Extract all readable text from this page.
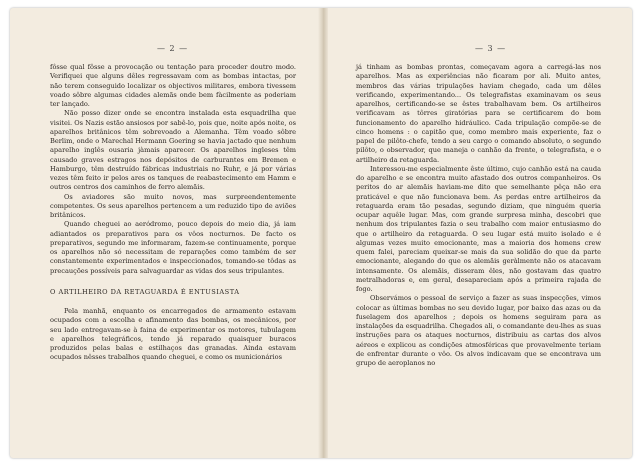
— 2 —

fôsse qual fôsse a provocação ou tentação para proceder doutro modo. Verifiquei que alguns dêles regressavam com as bombas intactas, por não terem conseguido localizar os objectivos militares, embora tivessem voado sôbre algumas cidades alemãs onde bem fàcilmente as poderiam ter lançado.

Não posso dizer onde se encontra instalada esta esquadrilha que visitei. Os Nazis estão ansiosos por sabê-lo, pois que, noite após noite, os aparelhos britânicos têm sobrevoado a Alemanha. Têm voado sôbre Berlim, onde o Marechal Hermann Goering se havia jactado que nenhum aparelho inglês ousaria jàmais aparecer. Os aparelhos ingleses têm causado graves estragos nos depósitos de carburantes em Bremen e Hamburgo, têm destruído fábricas industriais no Ruhr, e já por várias vezes têm feito ir pelos ares os tanques de reabastecimento em Hamm e outros centros dos caminhos de ferro alemãis.

Os aviadores são muito novos, mas surpreendentemente competentes. Os seus aparelhos pertencem a um reduzido tipo de aviões britânicos.

Quando cheguei ao aeródromo, pouco depois do meio dia, já iam adiantados os preparativos para os vôos nocturnos. De facto os preparativos, segundo me informaram, fazem-se continuamente, porque os aparelhos não só necessitam de reparações como também de ser constantemente experimentados e inspeccionados, tomando-se tôdas as precauções possíveis para salvaguardar as vidas dos seus tripulantes.

O ARTILHEIRO DA RETAGUARDA É ENTUSIASTA

Pela manhã, enquanto os encarregados de armamento estavam ocupados com a escolha e afinamento das bombas, os mecânicos, por seu lado entregavam-se à faina de experimentar os motores, tubulagem e aparelhos telegráficos, tendo já reparado quaisquer buracos produzidos pelas balas e estilhaços das granadas. Ainda estavam ocupados nêsses trabalhos quando cheguei, e como os municionários

— 3 —

já tinham as bombas prontas, começavam agora a carregá-las nos aparelhos. Mas as experiências não ficaram por ali. Muito antes, membros das várias tripulações haviam chegado, cada um dêles verificando, experimentando... Os telegrafistas examinavam os seus aparelhos, certificando-se se êstes trabalhavam bem. Os artilheiros verificavam as tôrres giratórias para se certificarem do bom funcionamento do aparelho hidráulico. Cada tripulação compõe-se de cinco homens : o capitão que, como membro mais experiente, faz o papel de pilôto-chefe, tendo a seu cargo o comando absoluto, o segundo pilôto, o observador, que maneja o canhão da frente, o telegrafista, e o artilheiro da retaguarda.

Interessou-me especialmente êste último, cujo canhão está na cauda do aparelho e se encontra muito afastado dos outros companheiros. Os peritos do ar alemãis haviam-me dito que semelhante pêça não era praticável e que não funcionava bem. As perdas entre artilheiros da retaguarda eram tão pesadas, segundo diziam, que ninguém queria ocupar aquêle lugar. Mas, com grande surpresa minha, descobri que nenhum dos tripulantes fazia o seu trabalho com maior entusiasmo do que o artilheiro da retaguarda. O seu lugar está muito isolado e é algumas vezes muito emocionante, mas a maioria dos homens crew quem falei, pareciam queixar-se mais da sua solidão do que da parte emocionante, alegando do que os alemãis geràlmente não os atacavam intensamente. Os alemãis, disseram êles, não gostavam das quatro metralhadoras e, em geral, desapareciam após a primeira rajada de fogo.

Observámos o pessoal de serviço a fazer as suas inspecções, vimos colocar as últimas bombas no seu devido lugar, por baixo das azas ou da fuselagem dos aparelhos ; depois os homens seguiram para as instalações da esquadrilha. Chegados ali, o comandante deu-lhes as suas instruções para os ataques nocturnos, distribuiu as cartas dos alvos aéreos e explicou as condições atmosféricas que provavelmente teriam de enfrentar durante o vôo. Os alvos indicavam que se encontrava um grupo de aeroplanos no
